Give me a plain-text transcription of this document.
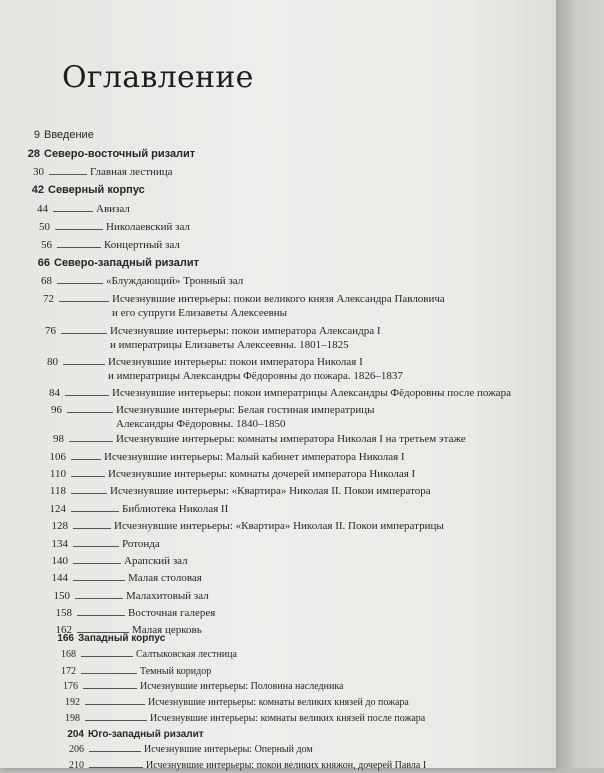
Оглавление
9 Введение
28 Северо-восточный ризалит
30	Главная лестница
42 Северный корпус
44	Авизал
50	Николаевский зал
56	Концертный зал
66 Северо-западный ризалит
68	«Блуждающий» Тронный зал
72	Исчезнувшие интерьеры: покои великого князя Александра Павловича
и его супруги Елизаветы Алексеевны
76	Исчезнувшие интерьеры: покои императора Александра I
и императрицы Елизаветы Алексеевны. 1801–1825
80	Исчезнувшие интерьеры: покои императора Николая I
и императрицы Александры Фёдоровны до пожара. 1826–1837
84	Исчезнувшие интерьеры: покои императрицы Александры Фёдоровны после пожара
96	Исчезнувшие интерьеры: Белая гостиная императрицы
Александры Фёдоровны. 1840–1850
98	Исчезнувшие интерьеры: комнаты императора Николая I на третьем этаже
106	Исчезнувшие интерьеры: Малый кабинет императора Николая I
110	Исчезнувшие интерьеры: комнаты дочерей императора Николая I
118	Исчезнувшие интерьеры: «Квартира» Николая II. Покои императора
124	Библиотека Николая II
128	Исчезнувшие интерьеры: «Квартира» Николая II. Покои императрицы
134	Ротонда
140	Арапский зал
144	Малая столовая
150	Малахитовый зал
158	Восточная галерея
162	Малая церковь
166 Западный корпус
168	Салтыковская лестница
172	Темный коридор
176	Исчезнувшие интерьеры: Половина наследника
192	Исчезнувшие интерьеры: комнаты великих князей до пожара
198	Исчезнувшие интерьеры: комнаты великих князей после пожара
204 Юго-западный ризалит
206	Исчезнувшие интерьеры: Оперный дом
210	Исчезнувшие интерьеры: покои великих княжон, дочерей Павла I
